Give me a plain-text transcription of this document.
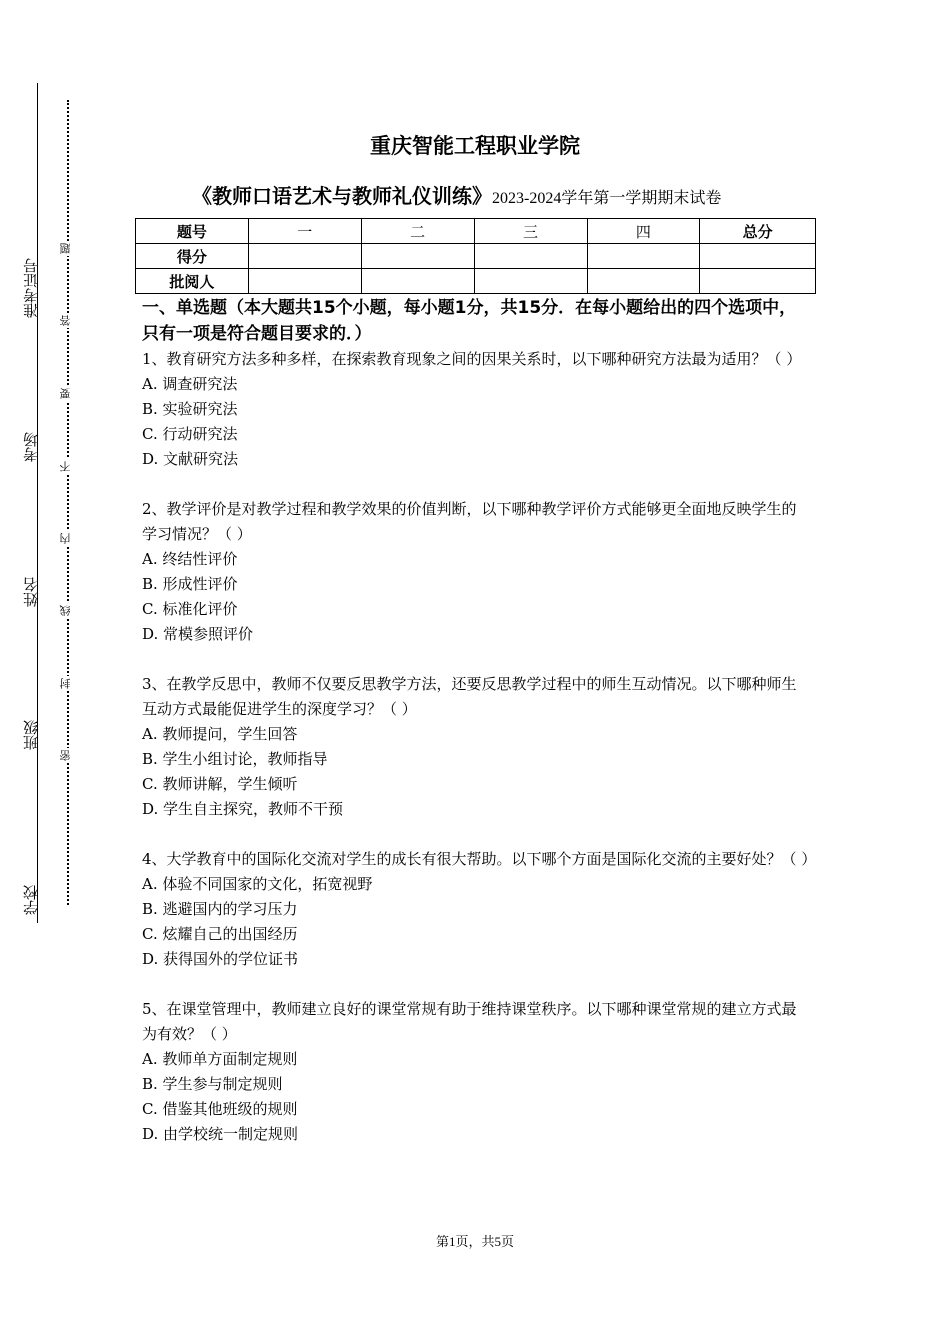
准考证号
考场
姓名
班级
学校
题
答
要
不
内
线
封
密
重庆智能工程职业学院
《教师口语艺术与教师礼仪训练》2023-2024学年第一学期期末试卷
题号	一	二	三	四	总分
得分					
批阅人					

一、单选题（本大题共15个小题，每小题1分，共15分．在每小题给出的四个选项中，只有一项是符合题目要求的．）

1、教育研究方法多种多样，在探索教育现象之间的因果关系时，以下哪种研究方法最为适用？（ ）
A. 调查研究法
B. 实验研究法
C. 行动研究法
D. 文献研究法
2、教学评价是对教学过程和教学效果的价值判断，以下哪种教学评价方式能够更全面地反映学生的学习情况？（ ）
A. 终结性评价
B. 形成性评价
C. 标准化评价
D. 常模参照评价
3、在教学反思中，教师不仅要反思教学方法，还要反思教学过程中的师生互动情况。以下哪种师生互动方式最能促进学生的深度学习？（ ）
A. 教师提问，学生回答
B. 学生小组讨论，教师指导
C. 教师讲解，学生倾听
D. 学生自主探究，教师不干预
4、大学教育中的国际化交流对学生的成长有很大帮助。以下哪个方面是国际化交流的主要好处？（ ）
A. 体验不同国家的文化，拓宽视野
B. 逃避国内的学习压力
C. 炫耀自己的出国经历
D. 获得国外的学位证书
5、在课堂管理中，教师建立良好的课堂常规有助于维持课堂秩序。以下哪种课堂常规的建立方式最为有效？（ ）
A. 教师单方面制定规则
B. 学生参与制定规则
C. 借鉴其他班级的规则
D. 由学校统一制定规则
第1页，共5页
